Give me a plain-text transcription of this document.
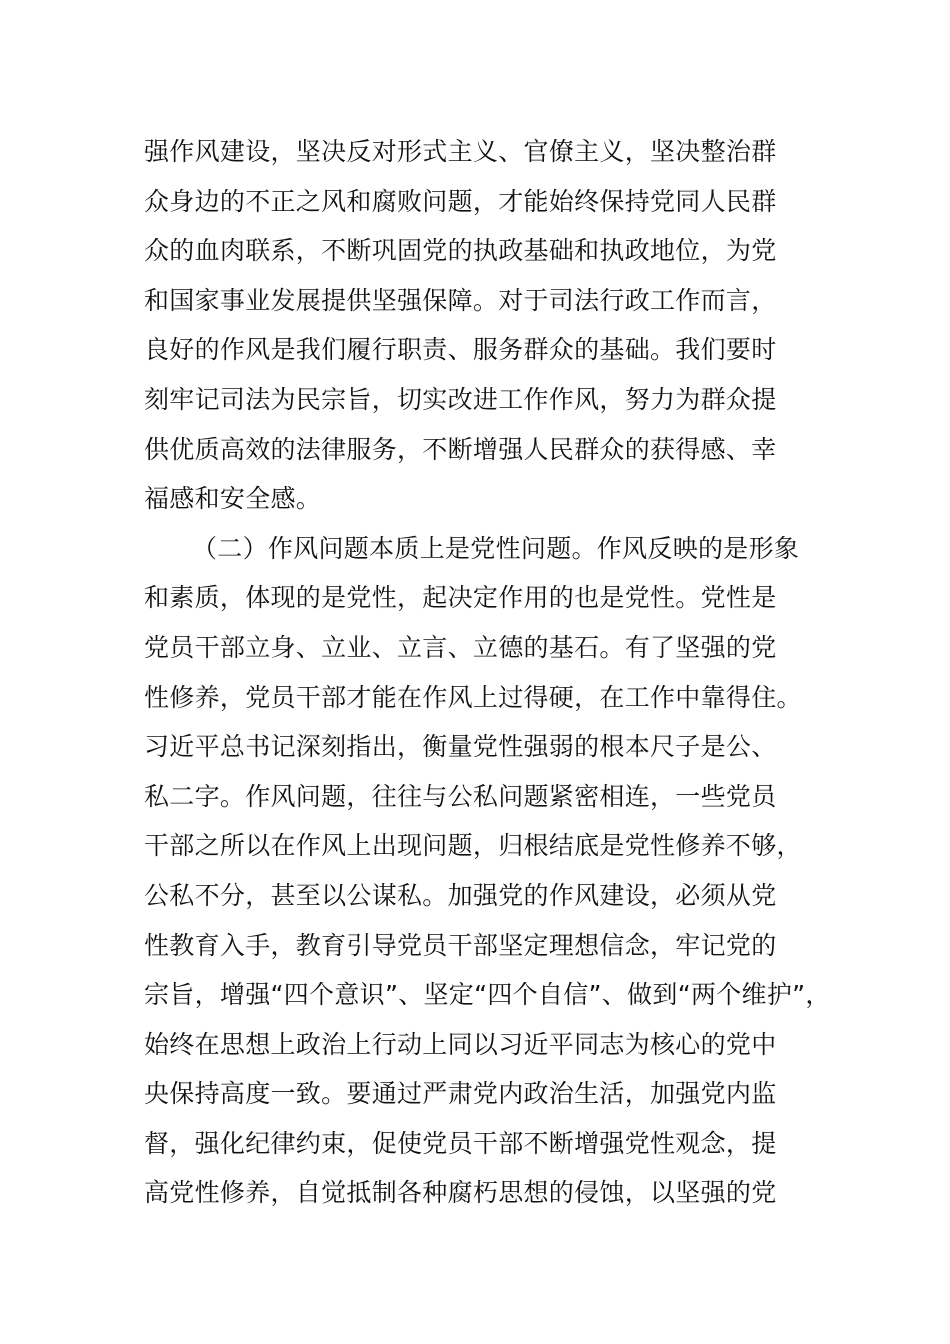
强作风建设，坚决反对形式主义、官僚主义，坚决整治群
众身边的不正之风和腐败问题，才能始终保持党同人民群
众的血肉联系，不断巩固党的执政基础和执政地位，为党
和国家事业发展提供坚强保障。对于司法行政工作而言，
良好的作风是我们履行职责、服务群众的基础。我们要时
刻牢记司法为民宗旨，切实改进工作作风，努力为群众提
供优质高效的法律服务，不断增强人民群众的获得感、幸
福感和安全感。
（二）作风问题本质上是党性问题。作风反映的是形象
和素质，体现的是党性，起决定作用的也是党性。党性是
党员干部立身、立业、立言、立德的基石。有了坚强的党
性修养，党员干部才能在作风上过得硬，在工作中靠得住。
习近平总书记深刻指出，衡量党性强弱的根本尺子是公、
私二字。作风问题，往往与公私问题紧密相连，一些党员
干部之所以在作风上出现问题，归根结底是党性修养不够，
公私不分，甚至以公谋私。加强党的作风建设，必须从党
性教育入手，教育引导党员干部坚定理想信念，牢记党的
宗旨，增强“四个意识”、坚定“四个自信”、做到“两个维护”，
始终在思想上政治上行动上同以习近平同志为核心的党中
央保持高度一致。要通过严肃党内政治生活，加强党内监
督，强化纪律约束，促使党员干部不断增强党性观念，提
高党性修养，自觉抵制各种腐朽思想的侵蚀，以坚强的党
